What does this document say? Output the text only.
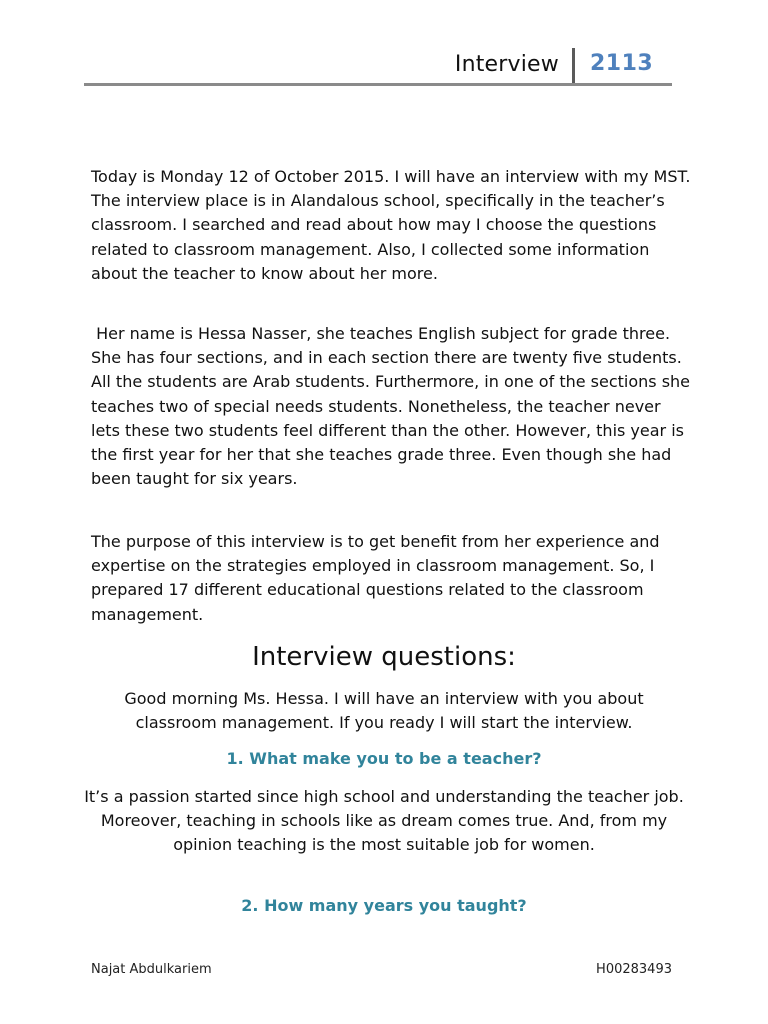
Interview 2113

Today is Monday 12 of October 2015. I will have an interview with my MST. The interview place is in Alandalous school, specifically in the teacher’s classroom. I searched and read about how may I choose the questions related to classroom management. Also, I collected some information about the teacher to know about her more.

Her name is Hessa Nasser, she teaches English subject for grade three. She has four sections, and in each section there are twenty five students.  All the students are Arab students. Furthermore, in one of the sections she teaches two of special needs students. Nonetheless, the teacher never lets these two students feel different than the other. However, this year is the first year for her that she teaches grade three. Even though she had been taught for six years.

The purpose of this interview is to get benefit from her experience and expertise on the strategies employed in classroom management. So, I prepared 17 different educational questions related to the classroom management.

Interview questions:

Good morning Ms. Hessa. I will have an interview with you about classroom management. If you ready I will start the interview.

1. What make you to be a teacher?

It’s a passion started since high school and understanding the teacher job. Moreover, teaching in schools like as dream comes true. And, from my opinion teaching is the most suitable job for women.

2. How many years you taught?
Najat Abdulkariem	H00283493
